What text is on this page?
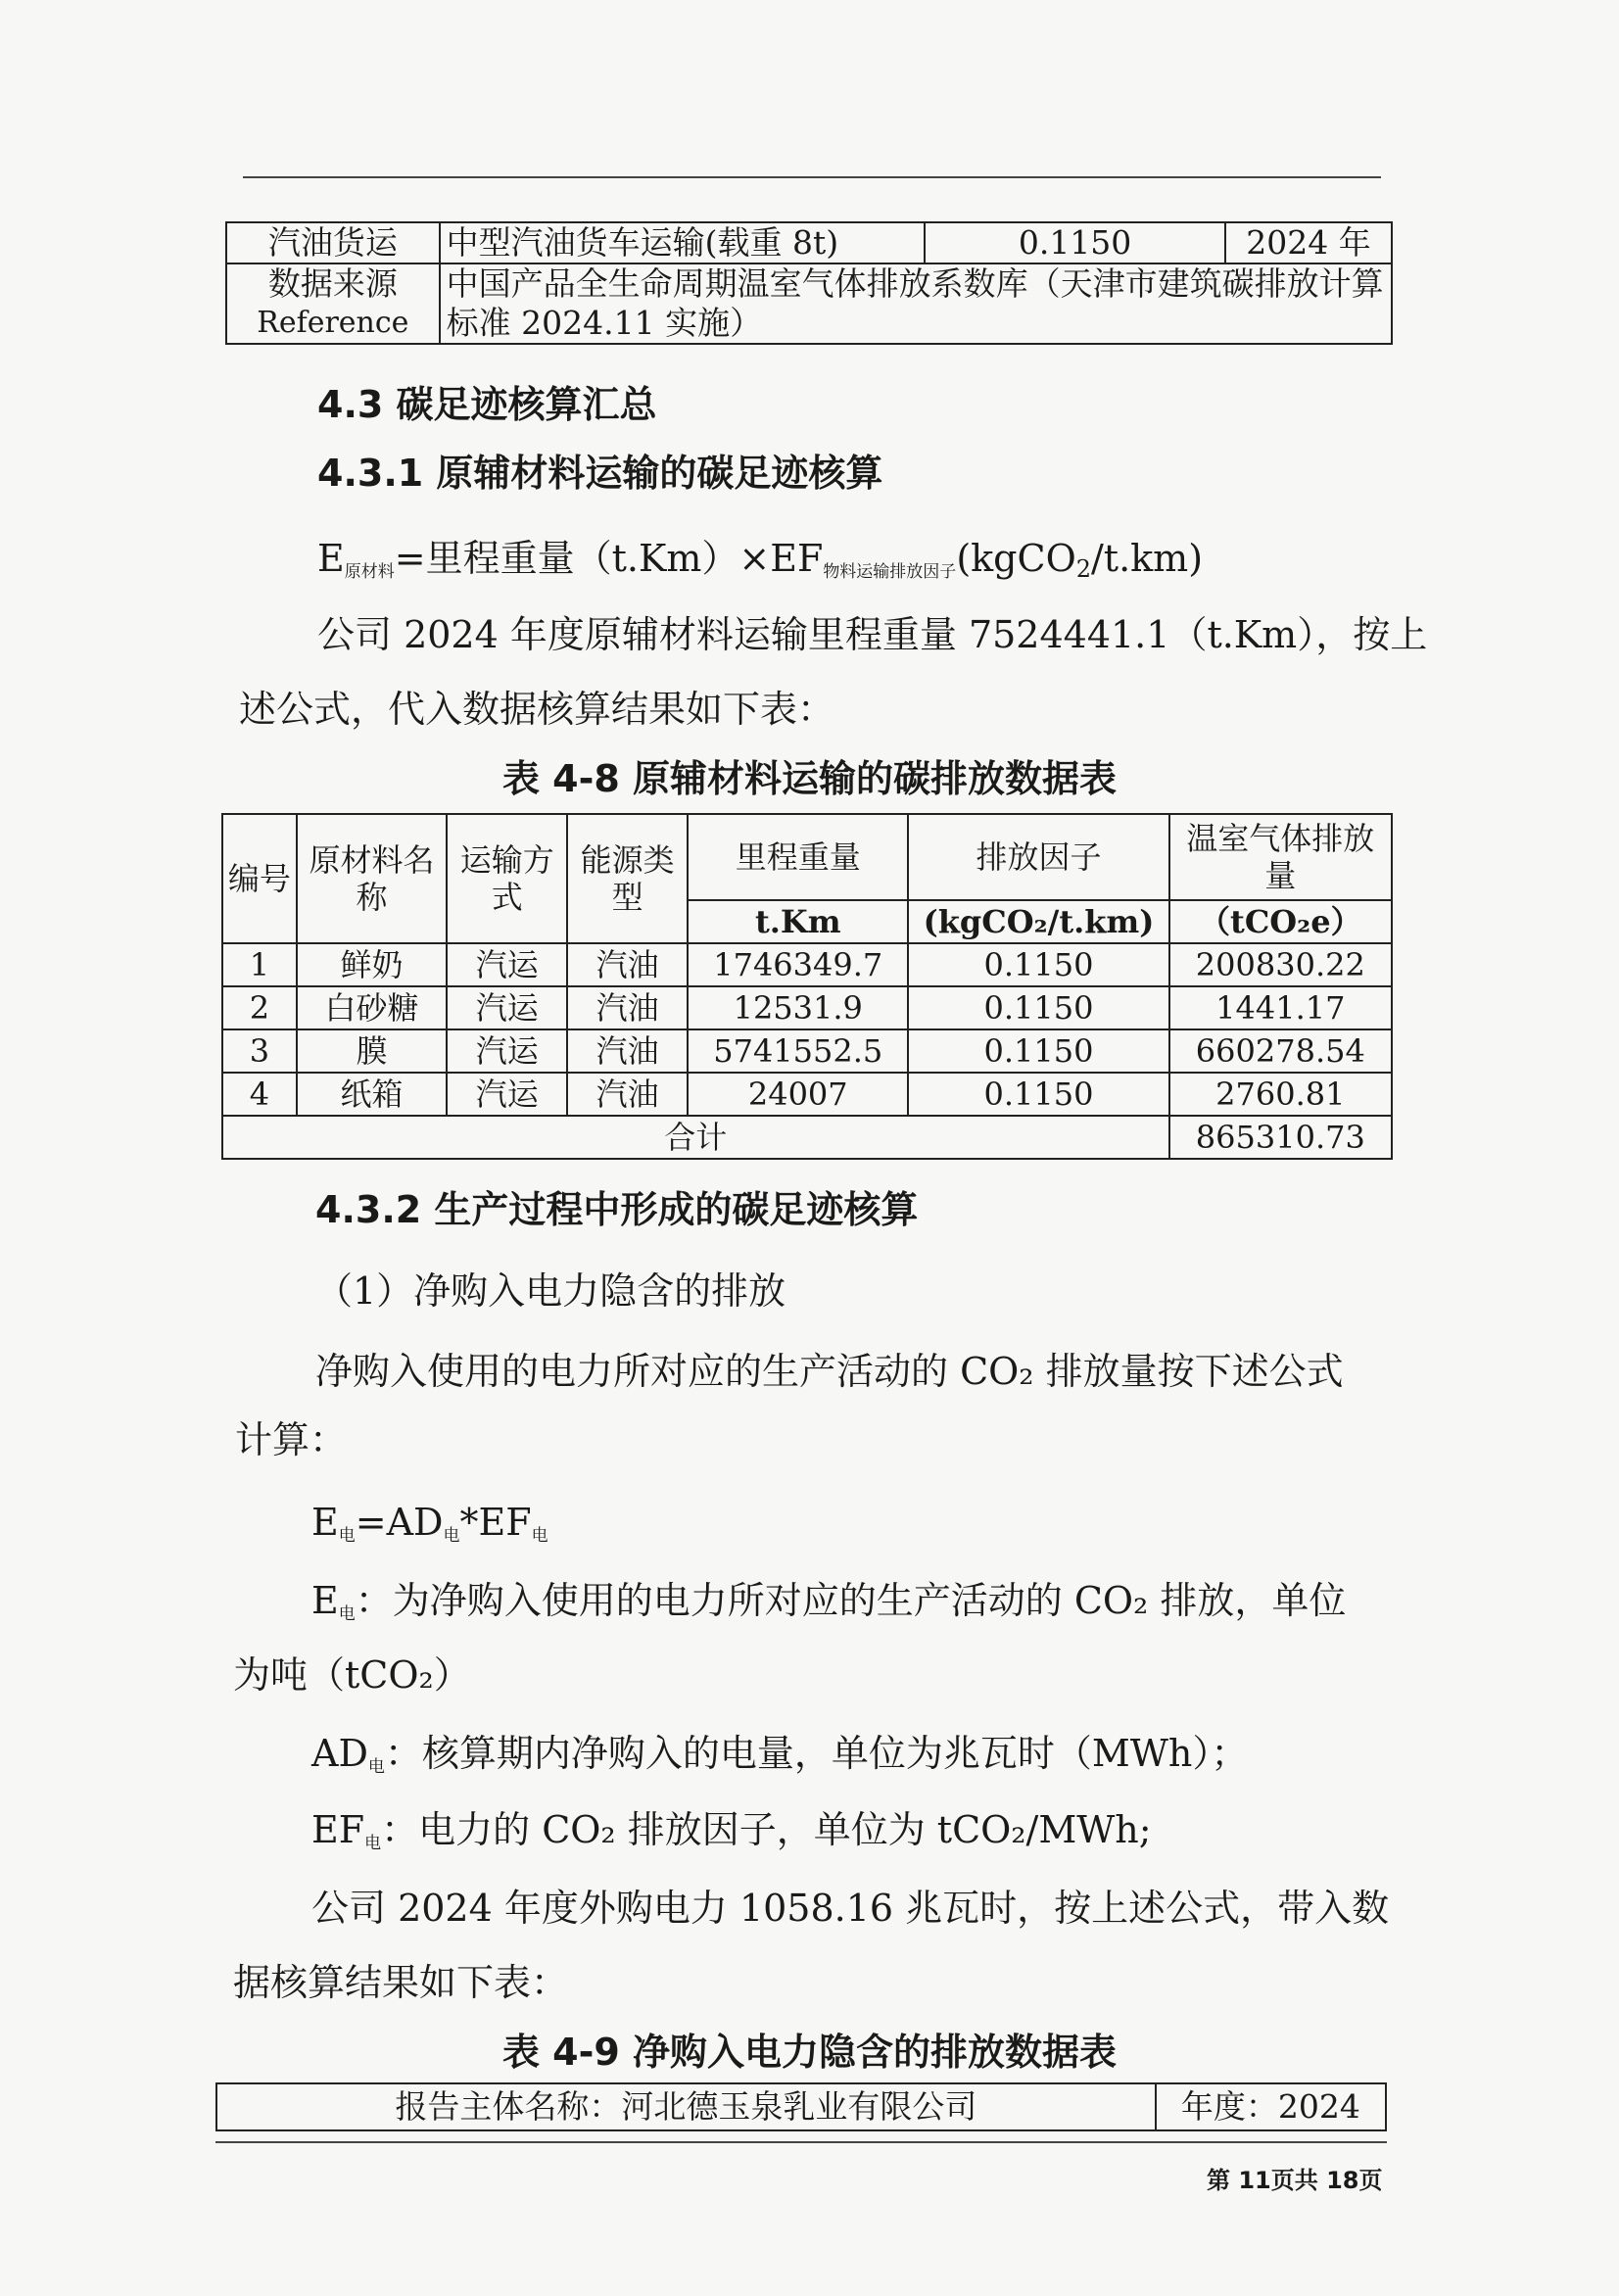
汽油货运	中型汽油货车运输(载重 8t)	0.1150	2024 年

数据来源
Reference	中国产品全生命周期温室气体排放系数库（天津市建筑碳排放计算标准 2024.11 实施）		
4.3 碳足迹核算汇总
4.3.1 原辅材料运输的碳足迹核算
$E_{原材料}=$里程重量$(t.Km)\times EF_{物料运输排放因子}(kgCO2/t.km)$
公司 2024 年度原辅材料运输里程重量 7524441.1（t.Km），按上
述公式，代入数据核算结果如下表：
表 4-8 原辅材料运输的碳排放数据表
编号	原材料名称	运输方式	能源类型	里程重量	排放因子	温室气体排放量
				t.Km	(kgCO₂/t.km)	（tCO₂e）
1	鲜奶	汽运	汽油	1746349.7	0.1150	200830.22
2	白砂糖	汽运	汽油	12531.9	0.1150	1441.17
3	膜	汽运	汽油	5741552.5	0.1150	660278.54
4	纸箱	汽运	汽油	24007	0.1150	2760.81
合计						865310.73
4.3.2 生产过程中形成的碳足迹核算
（1）净购入电力隐含的排放
净购入使用的电力所对应的生产活动的 CO₂ 排放量按下述公式
计算：
$E_电=AD_电*EF_电$
$E_电$：为净购入使用的电力所对应的生产活动的 CO₂ 排放，单位
为吨（tCO₂）
$AD_电$：核算期内净购入的电量，单位为兆瓦时（MWh）；
$EF_电$：电力的 CO₂ 排放因子，单位为 tCO₂/MWh;
公司 2024 年度外购电力 1058.16 兆瓦时，按上述公式，带入数
据核算结果如下表：
表 4-9 净购入电力隐含的排放数据表
报告主体名称：河北德玉泉乳业有限公司	年度：2024
第 11页共 18页
